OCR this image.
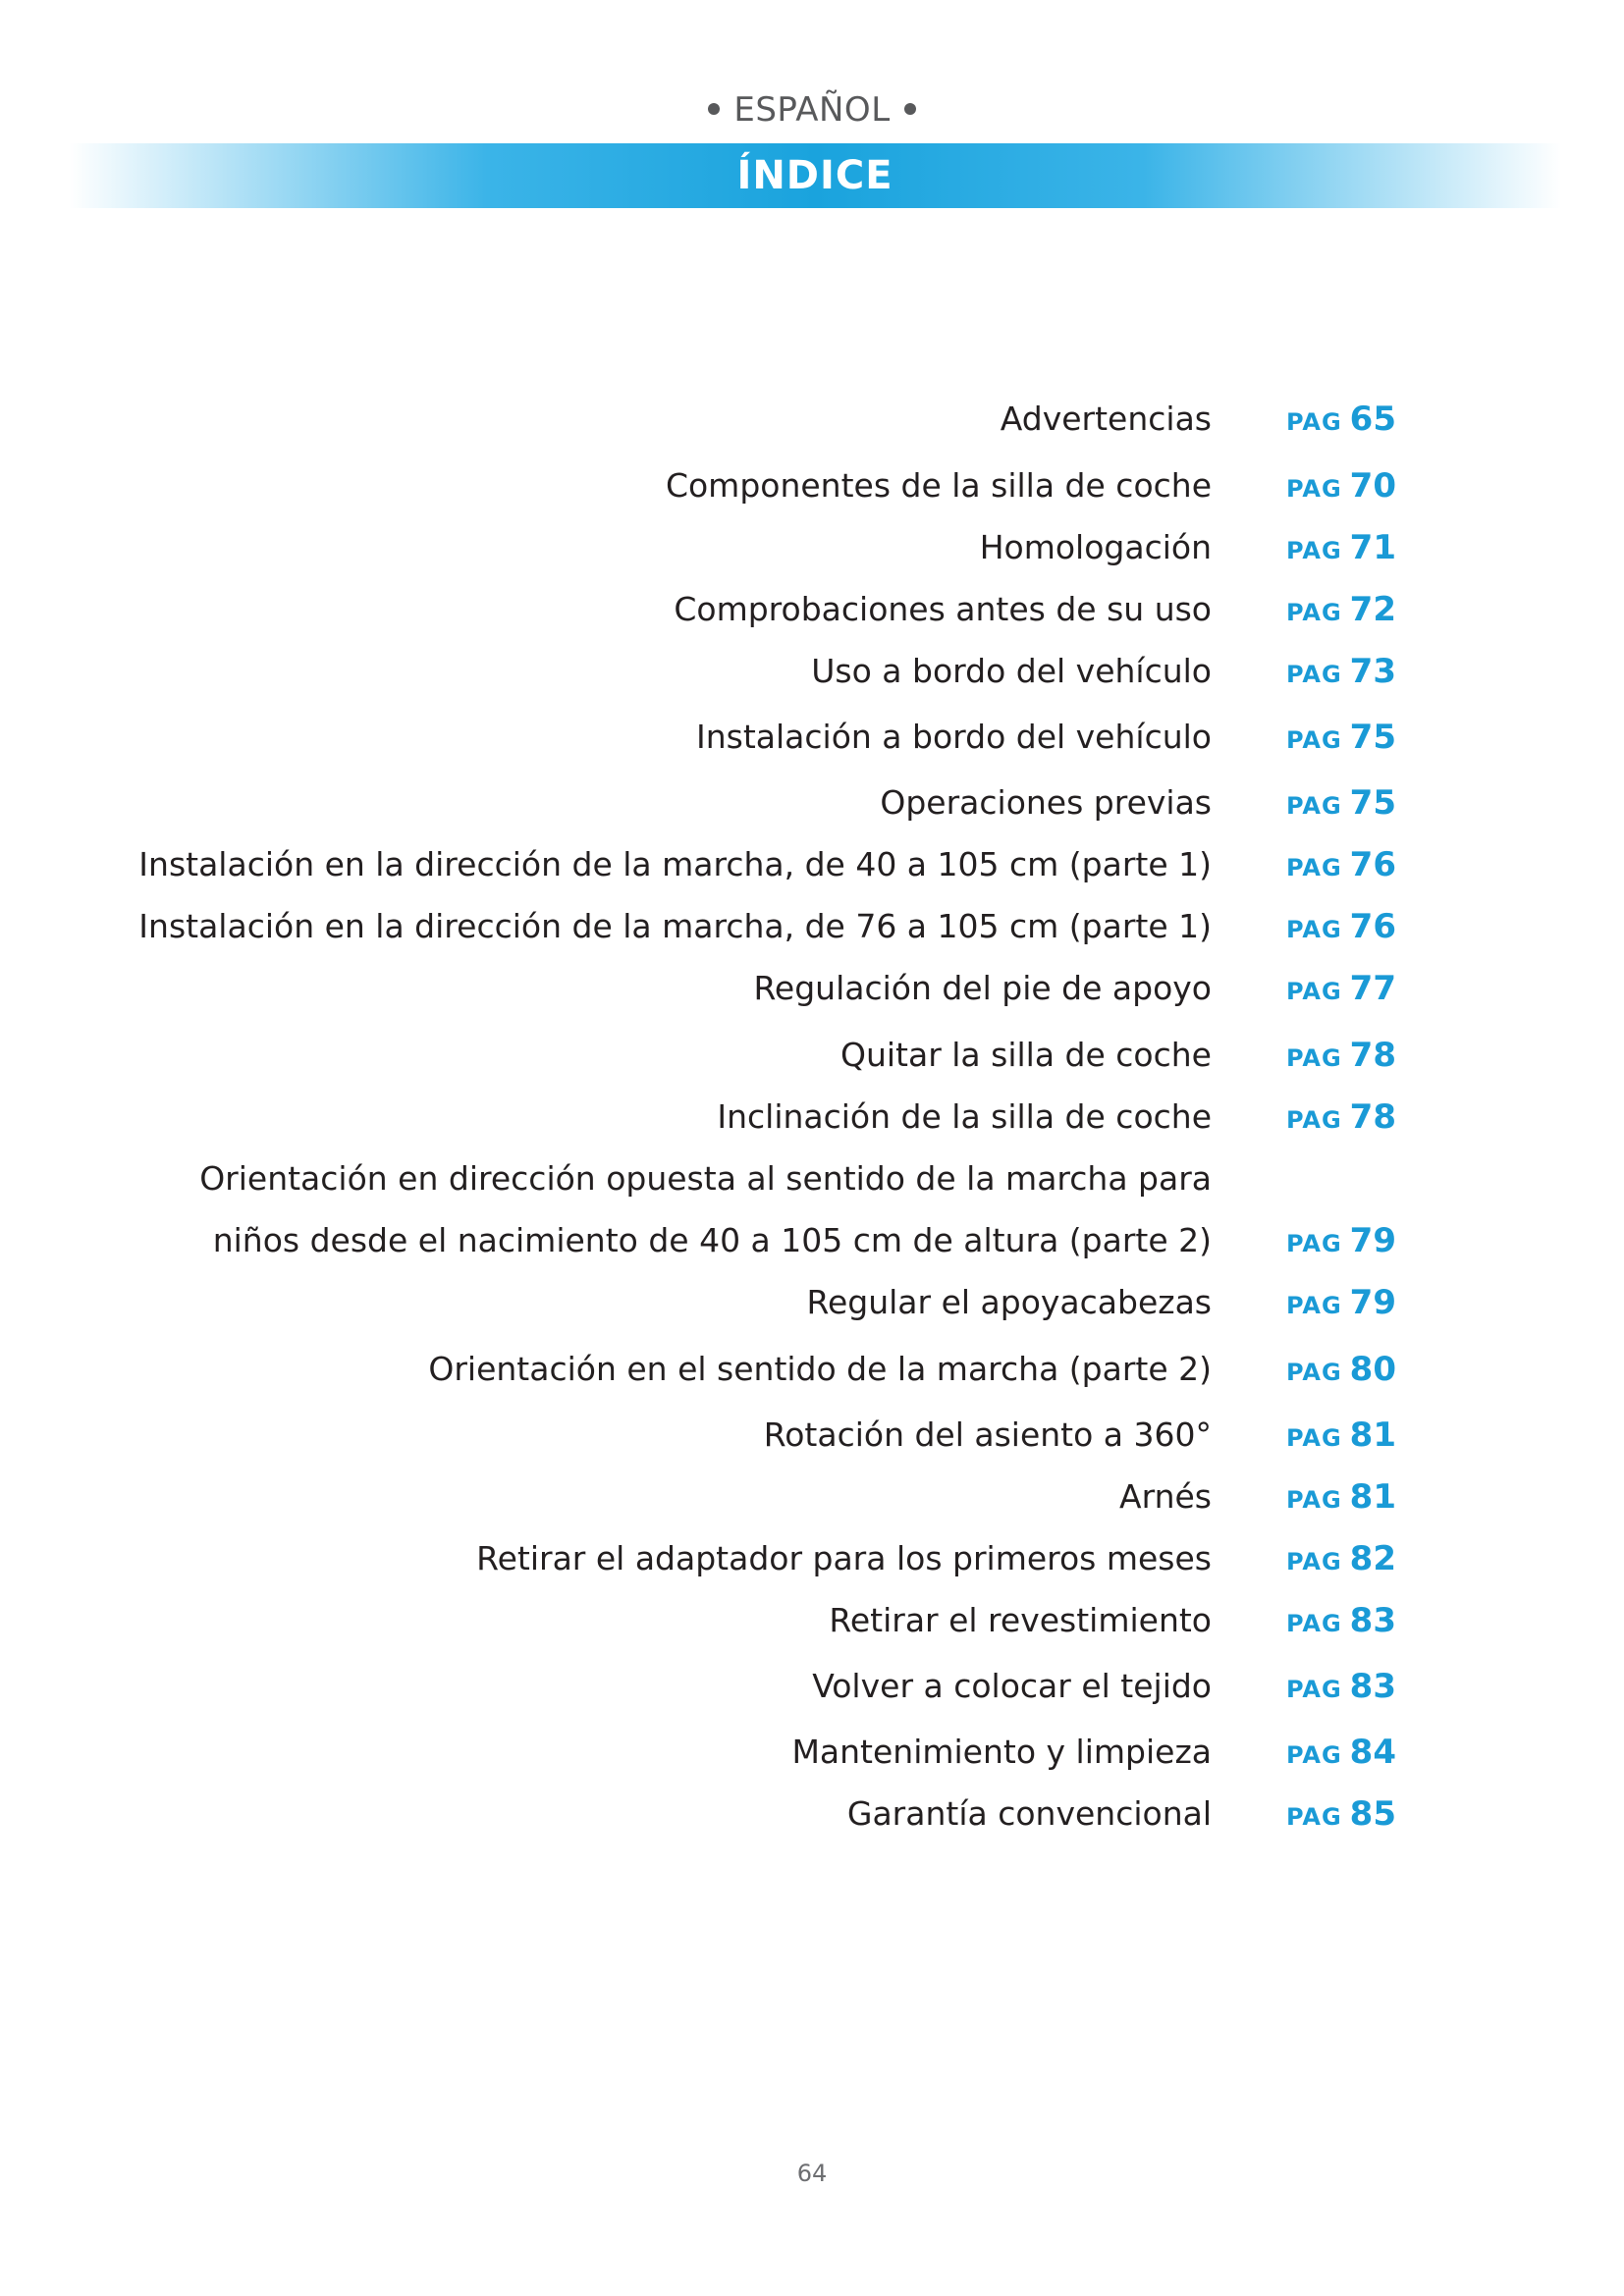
ESPAÑOL
ÍNDICE
Advertencias	PAG 65
Componentes de la silla de coche	PAG 70
Homologación	PAG 71
Comprobaciones antes de su uso	PAG 72
Uso a bordo del vehículo	PAG 73
Instalación a bordo del vehículo	PAG 75
Operaciones previas	PAG 75
Instalación en la dirección de la marcha, de 40 a 105 cm (parte 1)	PAG 76
Instalación en la dirección de la marcha, de 76 a 105 cm (parte 1)	PAG 76
Regulación del pie de apoyo	PAG 77
Quitar la silla de coche	PAG 78
Inclinación de la silla de coche	PAG 78
Orientación en dirección opuesta al sentido de la marcha para
niños desde el nacimiento de 40 a 105 cm de altura (parte 2)	PAG 79
Regular el apoyacabezas	PAG 79
Orientación en el sentido de la marcha (parte 2)	PAG 80
Rotación del asiento a 360°	PAG 81
Arnés	PAG 81
Retirar el adaptador para los primeros meses	PAG 82
Retirar el revestimiento	PAG 83
Volver a colocar el tejido	PAG 83
Mantenimiento y limpieza	PAG 84
Garantía convencional	PAG 85
64
